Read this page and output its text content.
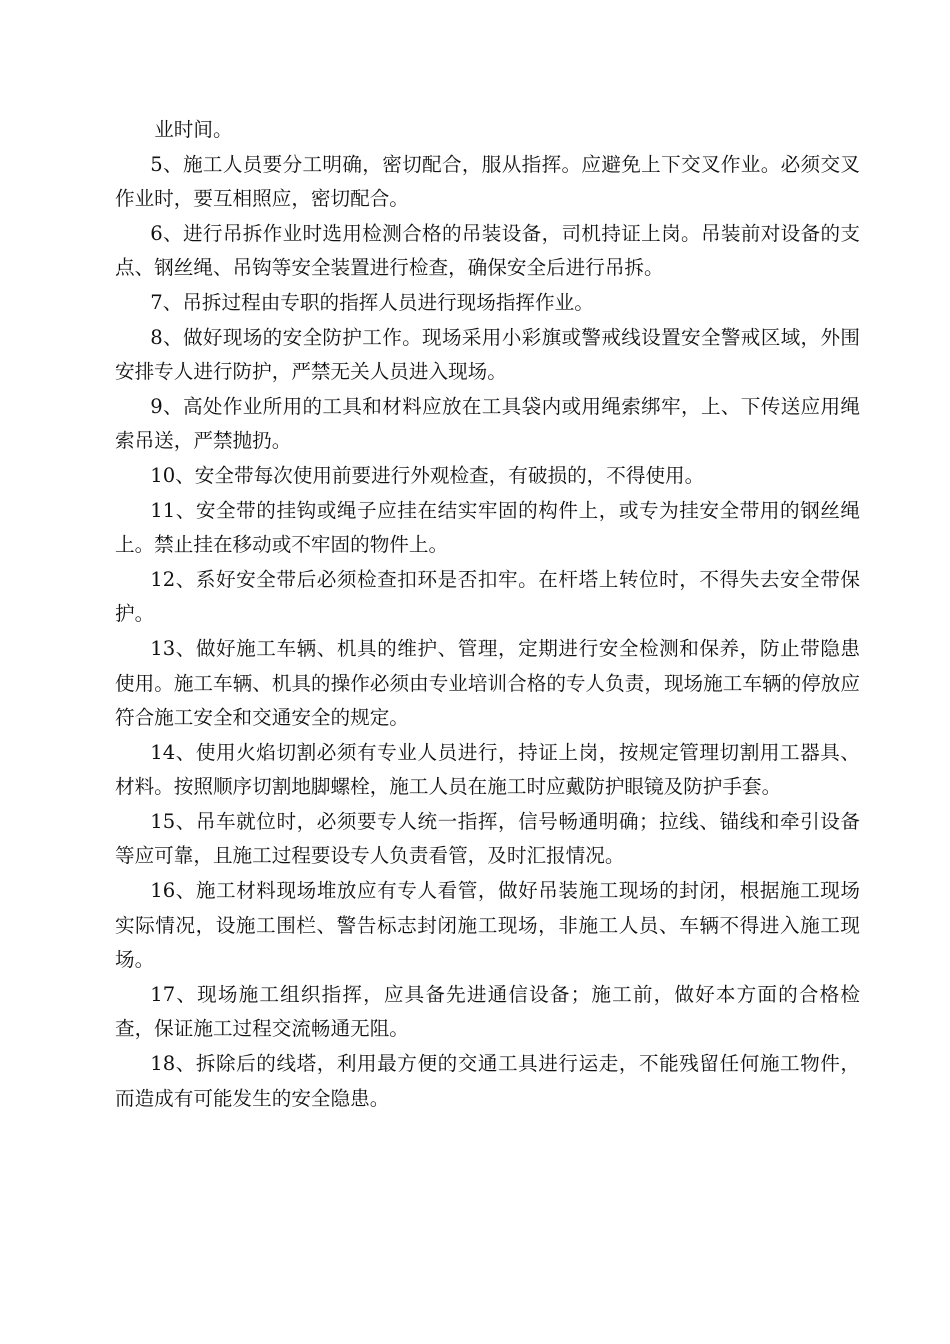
业时间。

5、施工人员要分工明确，密切配合，服从指挥。应避免上下交叉作业。必须交叉作业时，要互相照应，密切配合。

6、进行吊拆作业时选用检测合格的吊装设备，司机持证上岗。吊装前对设备的支点、钢丝绳、吊钩等安全装置进行检查，确保安全后进行吊拆。

7、吊拆过程由专职的指挥人员进行现场指挥作业。

8、做好现场的安全防护工作。现场采用小彩旗或警戒线设置安全警戒区域，外围安排专人进行防护，严禁无关人员进入现场。

9、高处作业所用的工具和材料应放在工具袋内或用绳索绑牢，上、下传送应用绳索吊送，严禁抛扔。

10、安全带每次使用前要进行外观检查，有破损的，不得使用。

11、安全带的挂钩或绳子应挂在结实牢固的构件上，或专为挂安全带用的钢丝绳上。禁止挂在移动或不牢固的物件上。

12、系好安全带后必须检查扣环是否扣牢。在杆塔上转位时，不得失去安全带保护。

13、做好施工车辆、机具的维护、管理，定期进行安全检测和保养，防止带隐患使用。施工车辆、机具的操作必须由专业培训合格的专人负责，现场施工车辆的停放应符合施工安全和交通安全的规定。

14、使用火焰切割必须有专业人员进行，持证上岗，按规定管理切割用工器具、材料。按照顺序切割地脚螺栓，施工人员在施工时应戴防护眼镜及防护手套。

15、吊车就位时，必须要专人统一指挥，信号畅通明确；拉线、锚线和牵引设备等应可靠，且施工过程要设专人负责看管，及时汇报情况。

16、施工材料现场堆放应有专人看管，做好吊装施工现场的封闭，根据施工现场实际情况，设施工围栏、警告标志封闭施工现场，非施工人员、车辆不得进入施工现场。

17、现场施工组织指挥，应具备先进通信设备；施工前，做好本方面的合格检查，保证施工过程交流畅通无阻。

18、拆除后的线塔，利用最方便的交通工具进行运走，不能残留任何施工物件，而造成有可能发生的安全隐患。
